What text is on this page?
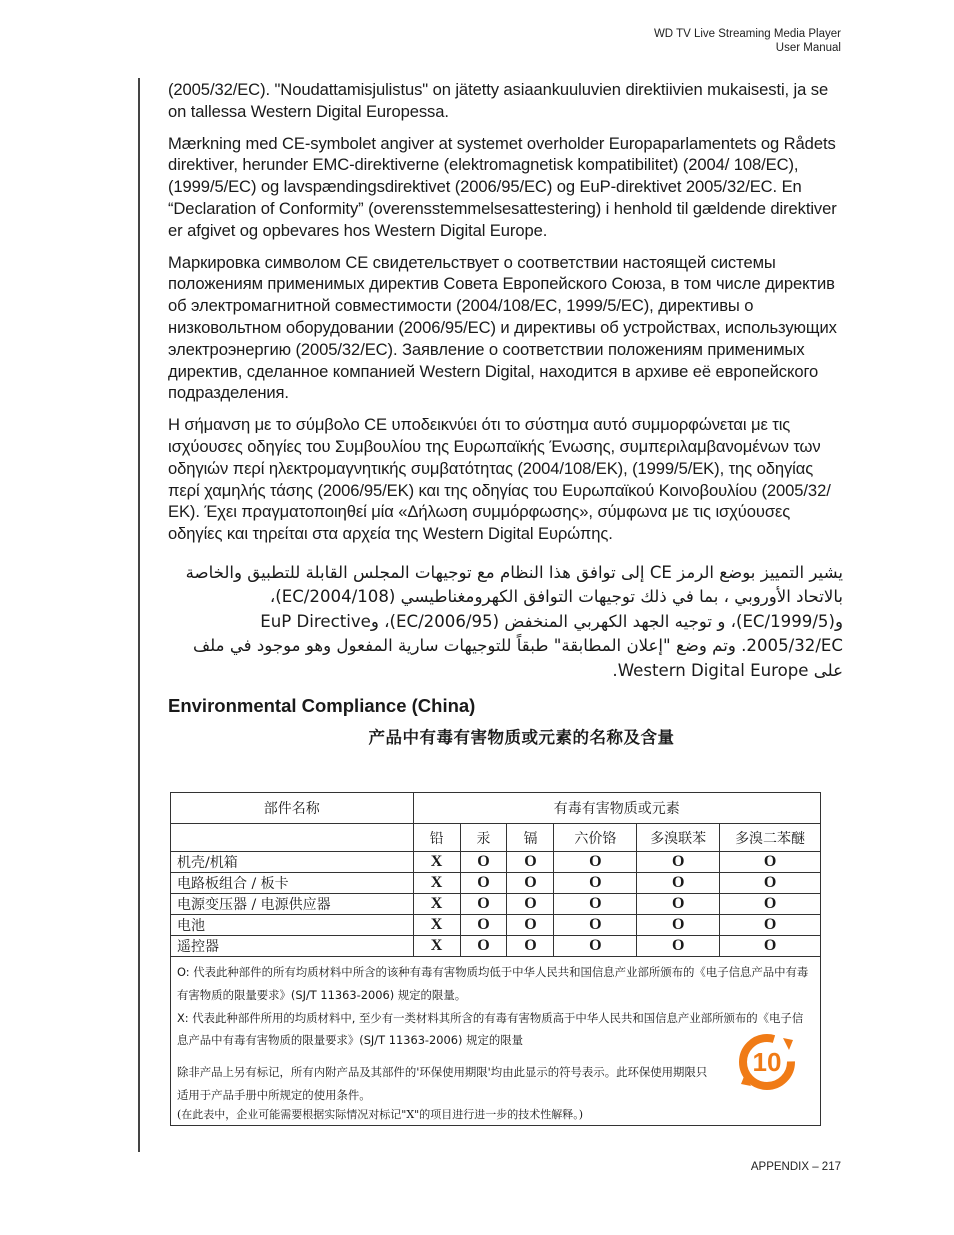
WD TV Live Streaming Media Player
User Manual

(2005/32/EC). "Noudattamisjulistus" on jätetty asiaankuuluvien direktiivien mukaisesti, ja se on tallessa Western Digital Europessa.

Mærkning med CE-symbolet angiver at systemet overholder Europaparlamentets og Rådets direktiver, herunder EMC-direktiverne (elektromagnetisk kompatibilitet) (2004/ 108/EC), (1999/5/EC) og lavspændingsdirektivet (2006/95/EC) og EuP-direktivet 2005/32/EC. En “Declaration of Conformity” (overensstemmelsesattestering) i henhold til gældende direktiver er afgivet og opbevares hos Western Digital Europe.

Маркировка символом CE свидетельствует о соответствии настоящей системы положениям применимых директив Совета Европейского Союза, в том числе директив об электромагнитной совместимости (2004/108/EC, 1999/5/EC), директивы о низковольтном оборудовании (2006/95/EC) и директивы об устройствах, использующих электроэнергию (2005/32/EC). Заявление о соответствии положениям применимых директив, сделанное компанией Western Digital, находится в архиве её европейского подразделения.

Η σήμανση με το σύμβολο CE υποδεικνύει ότι το σύστημα αυτό συμμορφώνεται με τις ισχύουσες οδηγίες του Συμβουλίου της Ευρωπαϊκής Ένωσης, συμπεριλαμβανομένων των οδηγιών περί ηλεκτρομαγνητικής συμβατότητας (2004/108/ΕΚ), (1999/5/ΕΚ), της οδηγίας περί χαμηλής τάσης (2006/95/ΕΚ) και της οδηγίας του Ευρωπαϊκού Κοινοβουλίου (2005/32/ΕΚ). Έχει πραγματοποιηθεί μία «Δήλωση συμμόρφωσης», σύμφωνα με τις ισχύουσες οδηγίες και τηρείται στα αρχεία της Western Digital Ευρώπης.

يشير التمييز بوضع الرمز CE إلى توافق هذا النظام مع توجيهات المجلس القابلة للتطبيق والخاصة بالاتحاد الأوروبي ، بما في ذلك توجيهات التوافق الكهرومغناطيسي (2004/108/EC)، و(1999/5/EC)، و توجيه الجهد الكهربي المنخفض (2006/95/EC)، وEuP Directive 2005/32/EC. وتم وضع "إعلان المطابقة" طبقاً للتوجيهات سارية المفعول وهو موجود في ملف على Western Digital Europe.

Environmental Compliance (China)
产品中有毒有害物质或元素的名称及含量
部件名称	有毒有害物质或元素					
	铅	汞	镉	六价铬	多溴联苯	多溴二苯醚
机壳/机箱	X	O	O	O	O	O
电路板组合 / 板卡	X	O	O	O	O	O
电源变压器 / 电源供应器	X	O	O	O	O	O
电池	X	O	O	O	O	O
遥控器	X	O	O	O	O	O

O: 代表此种部件的所有均质材料中所含的该种有毒有害物质均低于中华人民共和国信息产业部所颁布的《电子信息产品中有毒有害物质的限量要求》(SJ/T 11363-2006) 规定的限量。

X: 代表此种部件所用的均质材料中, 至少有一类材料其所含的有毒有害物质高于中华人民共和国信息产业部所颁布的《电子信息产品中有毒有害物质的限量要求》(SJ/T 11363-2006) 规定的限量

除非产品上另有标记，所有内附产品及其部件的'环保使用期限'均由此显示的符号表示。此环保使用期限只适用于产品手册中所规定的使用条件。

(在此表中，企业可能需要根据实际情况对标记"X"的项目进行进一步的技术性解释。)

10						
APPENDIX – 217
